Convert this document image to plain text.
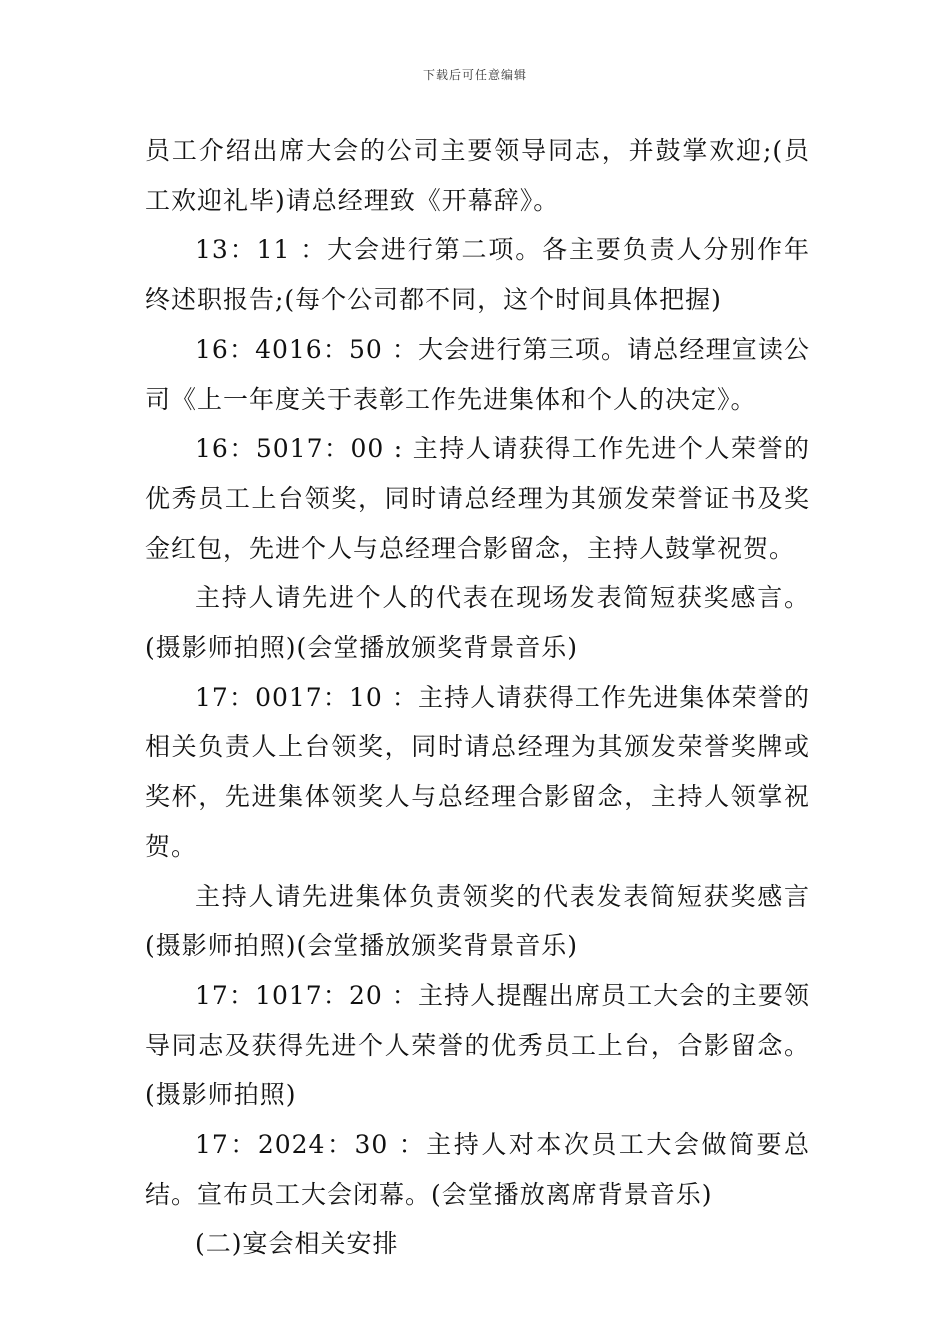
下载后可任意编辑

员工介绍出席大会的公司主要领导同志，并鼓掌欢迎;(员工欢迎礼毕)请总经理致《开幕辞》。

13：11 ：大会进行第二项。各主要负责人分别作年终述职报告;(每个公司都不同，这个时间具体把握)

16：4016：50 ：大会进行第三项。请总经理宣读公司《上一年度关于表彰工作先进集体和个人的决定》。

16：5017：00 : 主持人请获得工作先进个人荣誉的优秀员工上台领奖，同时请总经理为其颁发荣誉证书及奖金红包，先进个人与总经理合影留念，主持人鼓掌祝贺。

主持人请先进个人的代表在现场发表简短获奖感言。(摄影师拍照)(会堂播放颁奖背景音乐)

17：0017：10 ：主持人请获得工作先进集体荣誉的相关负责人上台领奖，同时请总经理为其颁发荣誉奖牌或奖杯，先进集体领奖人与总经理合影留念，主持人领掌祝贺。

主持人请先进集体负责领奖的代表发表简短获奖感言(摄影师拍照)(会堂播放颁奖背景音乐)

17：1017：20 ：主持人提醒出席员工大会的主要领导同志及获得先进个人荣誉的优秀员工上台，合影留念。(摄影师拍照)

17：2024：30 ：主持人对本次员工大会做简要总结。宣布员工大会闭幕。(会堂播放离席背景音乐)

(二)宴会相关安排
